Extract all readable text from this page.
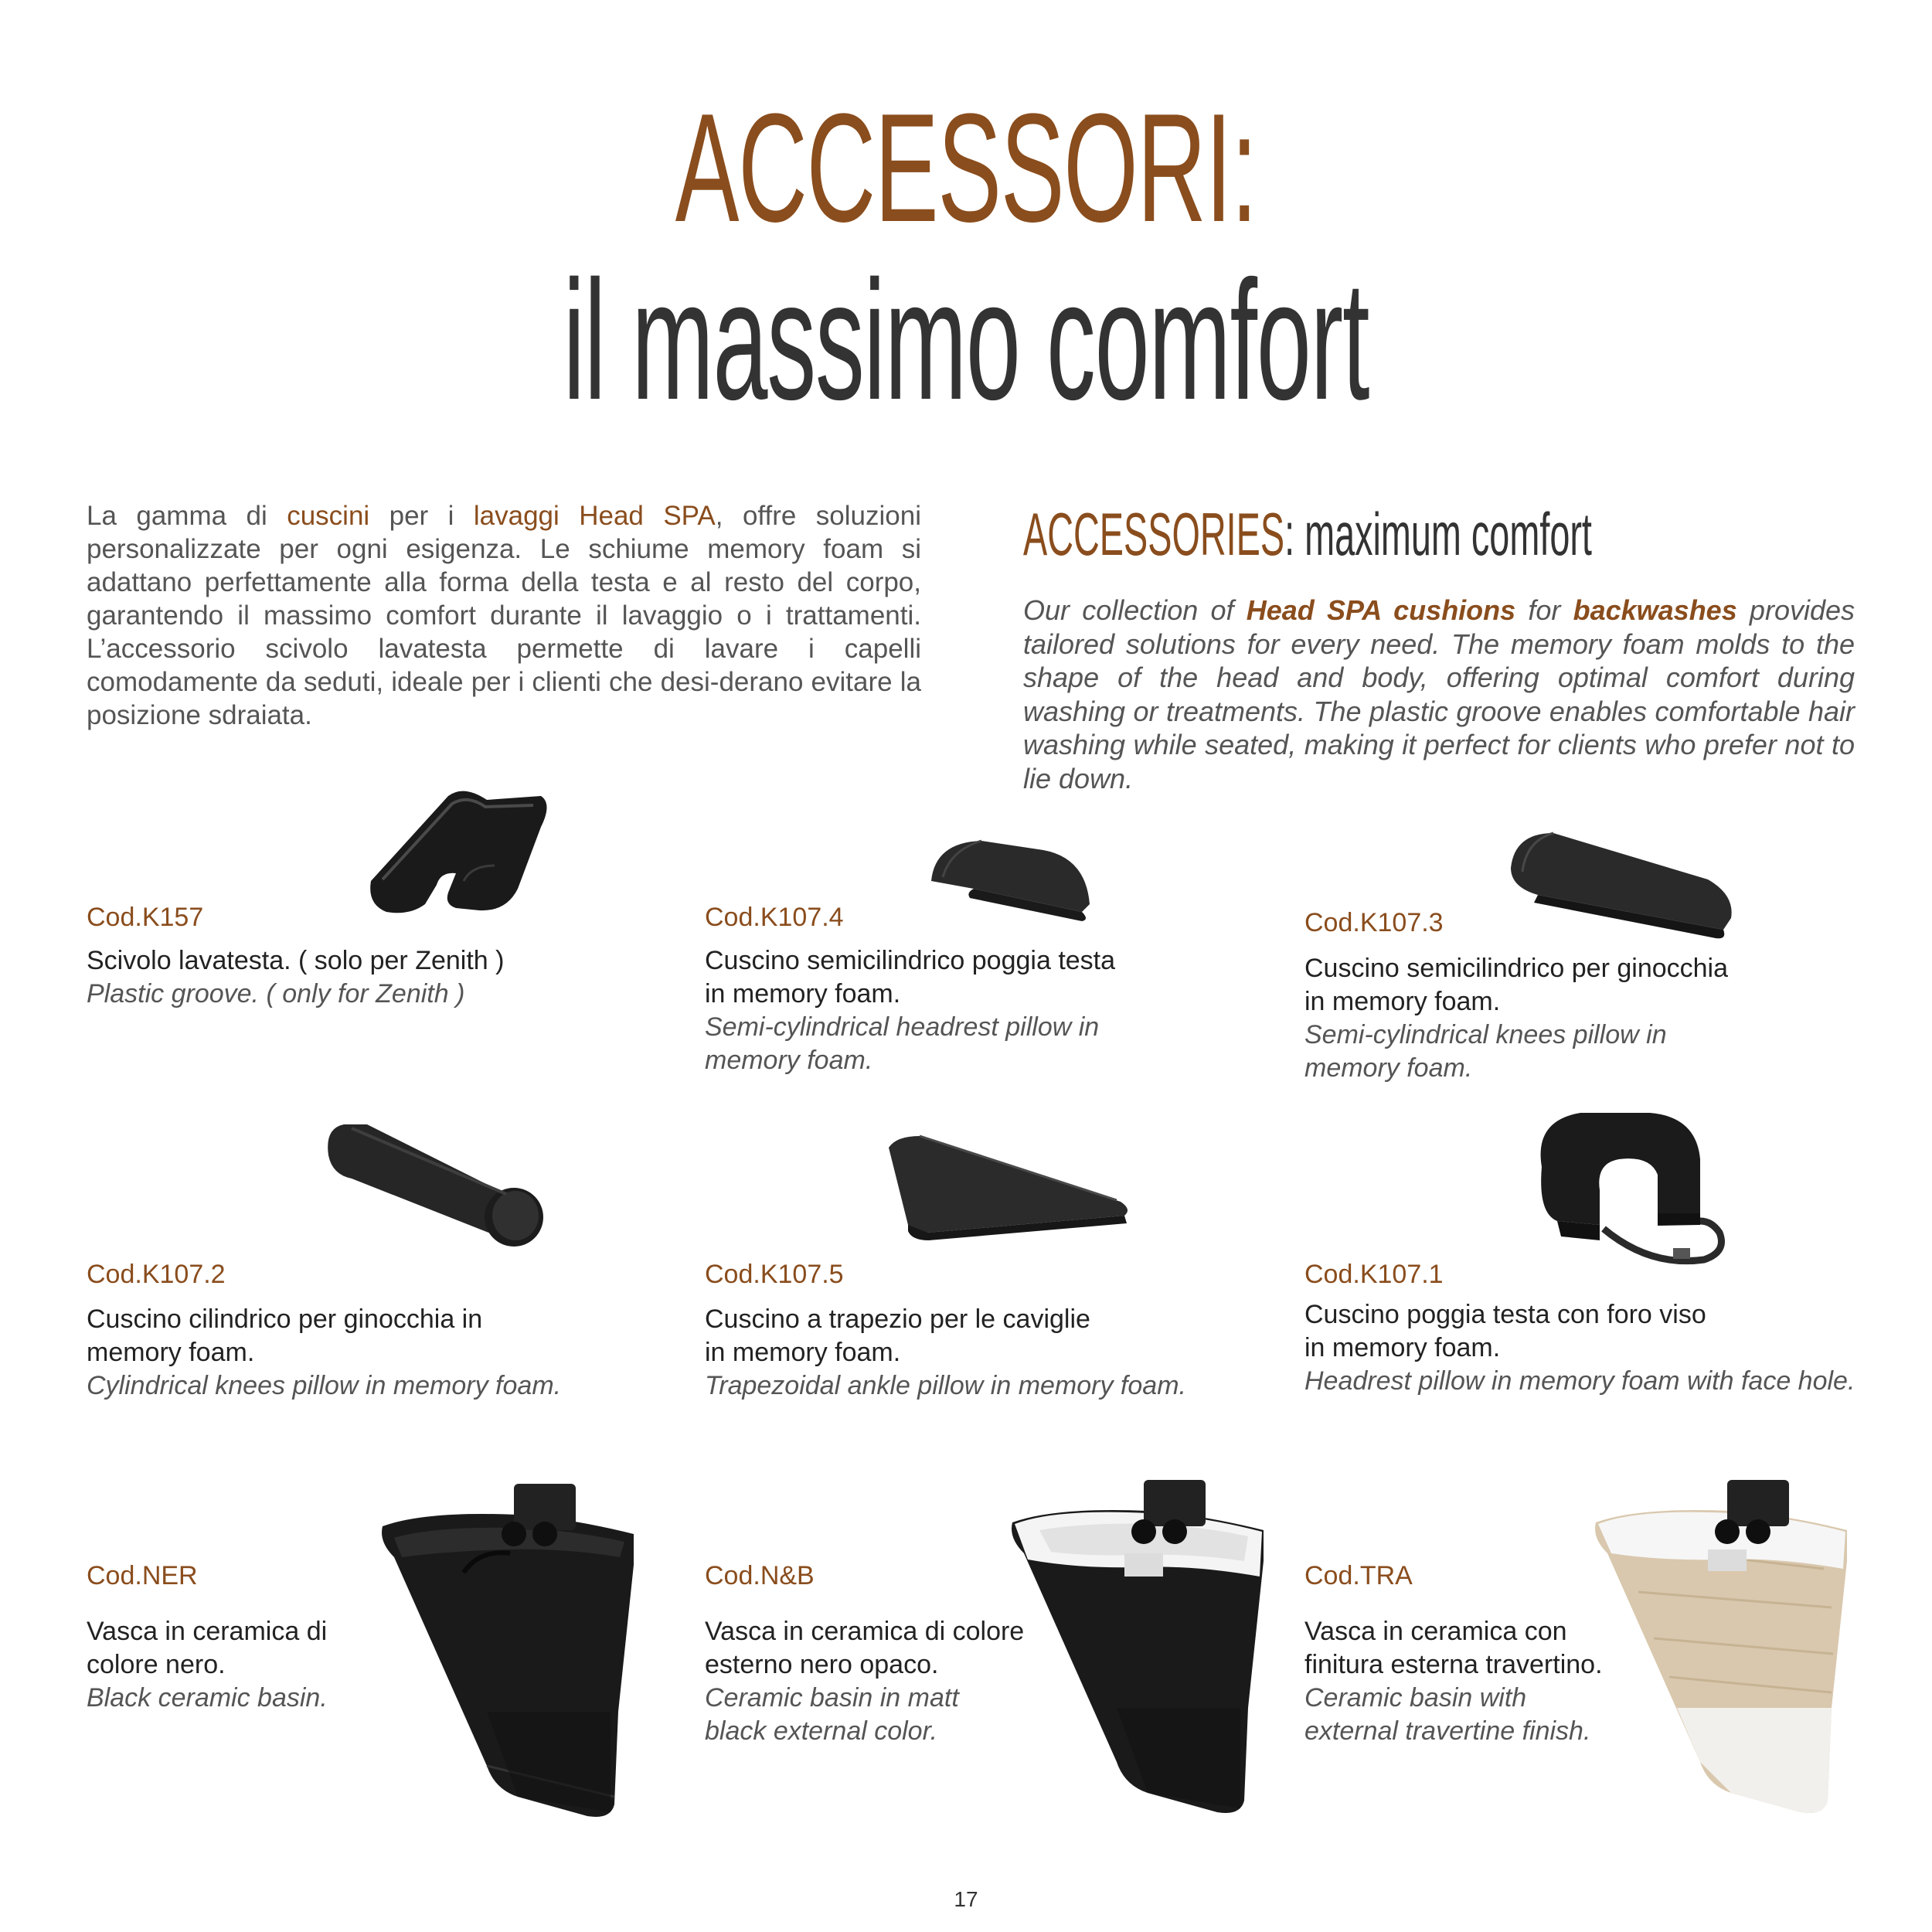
ACCESSORI:
il massimo comfort
La gamma di cuscini per i lavaggi Head SPA, offre soluzioni personalizzate per ogni esigenza. Le schiume memory foam si adattano perfettamente alla forma della testa e al resto del corpo, garantendo il massimo comfort durante il lavaggio o i trattamenti. L’accessorio scivolo lavatesta permette di lavare i capelli comodamente da seduti, ideale per i clienti che desi-derano evitare la posizione sdraiata.
ACCESSORIES: maximum comfort
Our collection of Head SPA cushions for backwashes provides tailored solutions for every need. The memory foam molds to the shape of the head and body, offering optimal comfort during washing or treatments. The plastic groove enables comfortable hair washing while seated, making it perfect for clients who prefer not to lie down.
Cod.K157
Scivolo lavatesta. ( solo per Zenith )
Plastic groove. ( only for Zenith )
Cod.K107.4
Cuscino semicilindrico poggia testa
in memory foam.
Semi-cylindrical headrest pillow in
memory foam.
Cod.K107.3
Cuscino semicilindrico per ginocchia
in memory foam.
Semi-cylindrical knees pillow in
memory foam.
Cod.K107.2
Cuscino cilindrico per ginocchia in
memory foam.
Cylindrical knees pillow in memory foam.
Cod.K107.5
Cuscino a trapezio per le caviglie
in memory foam.
Trapezoidal ankle pillow in memory foam.
Cod.K107.1
Cuscino poggia testa con foro viso
in memory foam.
Headrest pillow in memory foam with face hole.
Cod.NER
Vasca in ceramica di
colore nero.
Black ceramic basin.
Cod.N&B
Vasca in ceramica di colore
esterno nero opaco.
Ceramic basin in matt
black external color.
Cod.TRA
Vasca in ceramica con
finitura esterna travertino.
Ceramic basin with
external travertine finish.
17
